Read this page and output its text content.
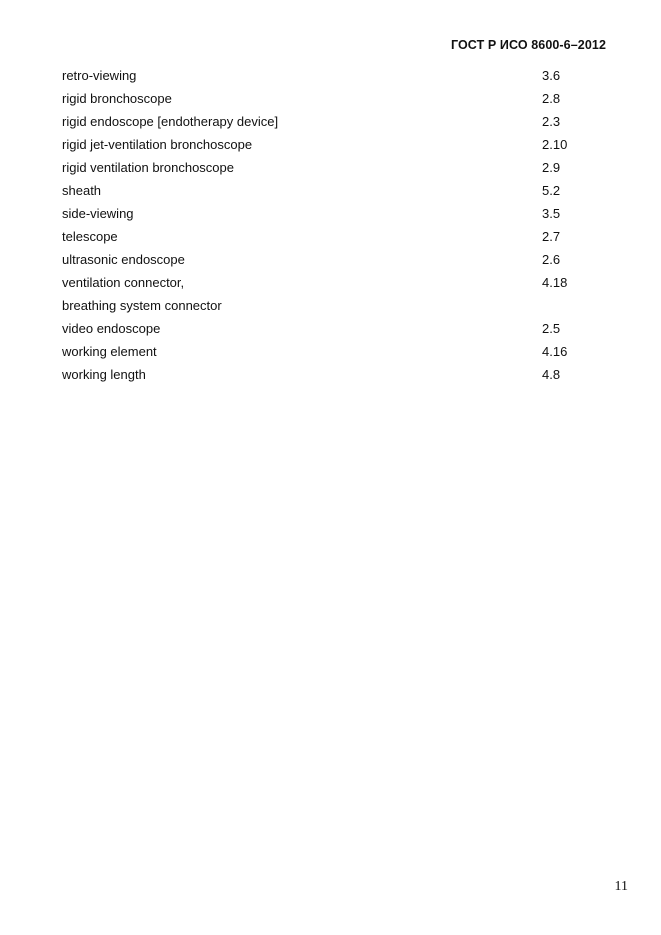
ГОСТ Р ИСО 8600-6–2012
retro-viewing	3.6
rigid bronchoscope	2.8
rigid endoscope [endotherapy device]	2.3
rigid jet-ventilation bronchoscope	2.10
rigid ventilation bronchoscope	2.9
sheath	5.2
side-viewing	3.5
telescope	2.7
ultrasonic endoscope	2.6
ventilation connector,	4.18
breathing system connector
video endoscope	2.5
working element	4.16
working length	4.8
11
